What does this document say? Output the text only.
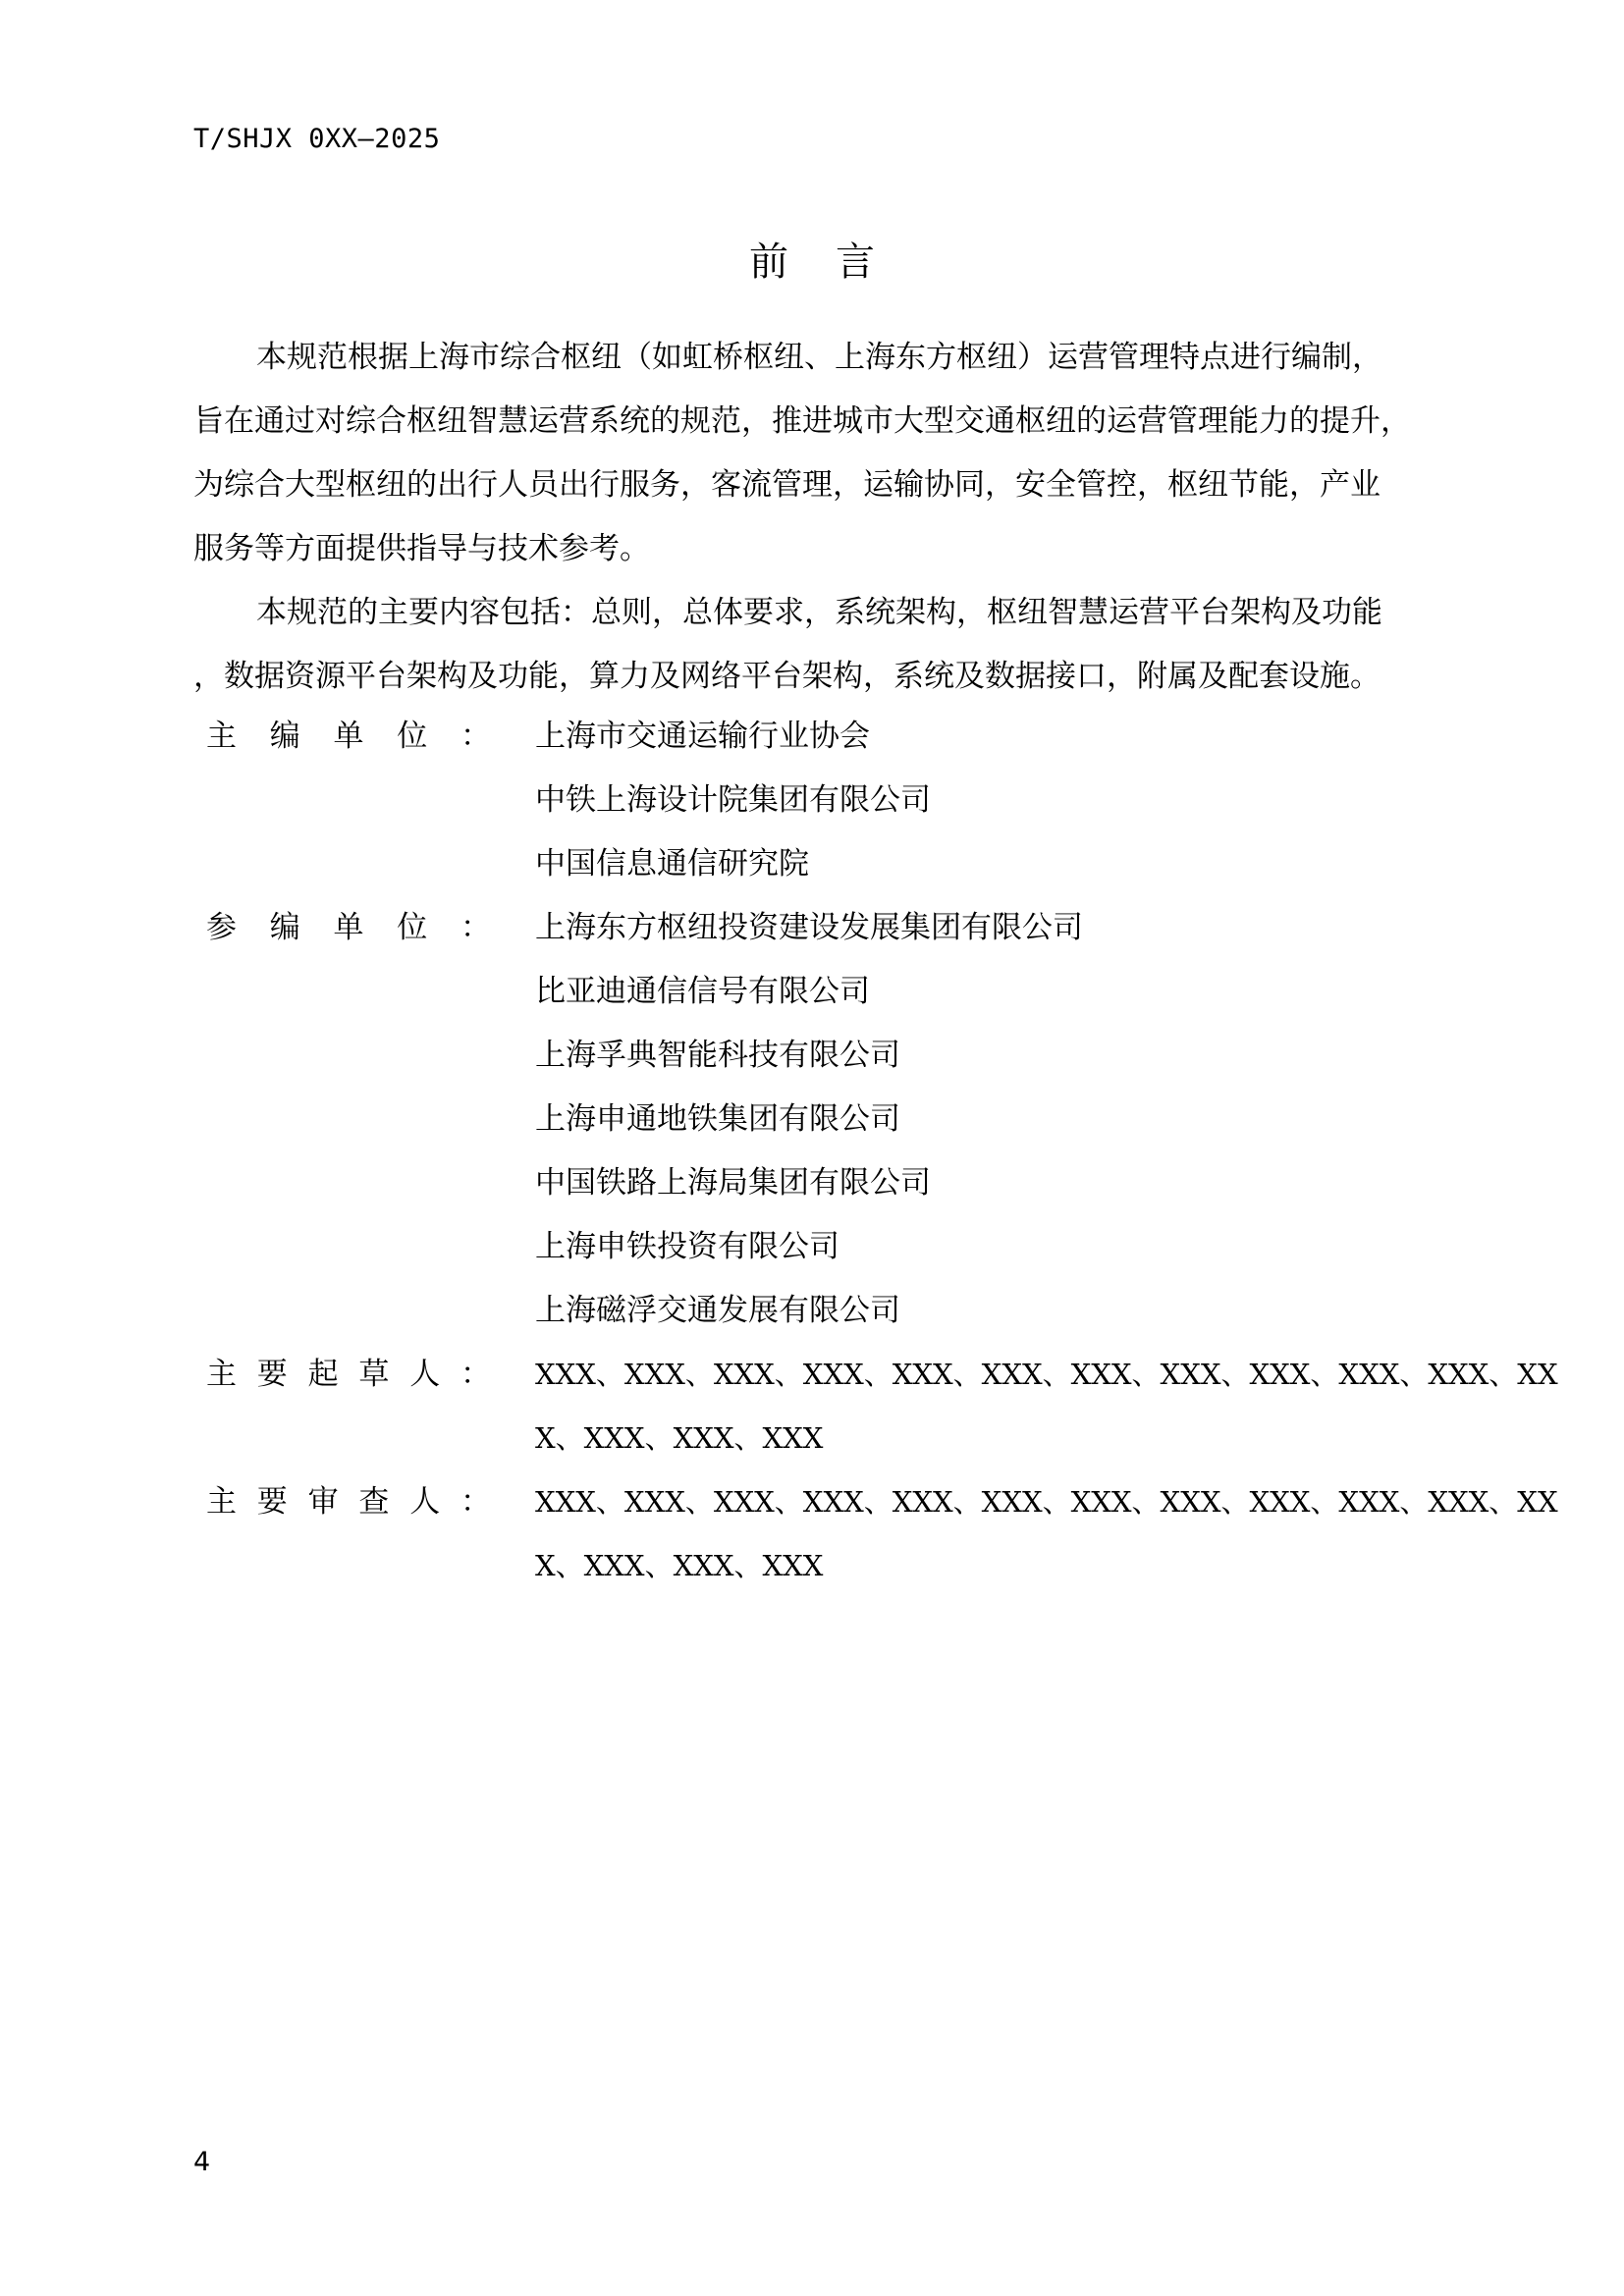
T/SHJX 0XX—2025
前言
本规范根据上海市综合枢纽（如虹桥枢纽、上海东方枢纽）运营管理特点进行编制，
旨在通过对综合枢纽智慧运营系统的规范，推进城市大型交通枢纽的运营管理能力的提升，
为综合大型枢纽的出行人员出行服务，客流管理，运输协同，安全管控，枢纽节能，产业
服务等方面提供指导与技术参考。
本规范的主要内容包括：总则，总体要求，系统架构，枢纽智慧运营平台架构及功能
，数据资源平台架构及功能，算力及网络平台架构，系统及数据接口，附属及配套设施。
主 编 单 位 ： 上海市交通运输行业协会
中铁上海设计院集团有限公司
中国信息通信研究院
参 编 单 位 ： 上海东方枢纽投资建设发展集团有限公司
比亚迪通信信号有限公司
上海孚典智能科技有限公司
上海申通地铁集团有限公司
中国铁路上海局集团有限公司
上海申铁投资有限公司
上海磁浮交通发展有限公司
主 要 起 草 人 ： XXX、XXX、XXX、XXX、XXX、XXX、XXX、XXX、XXX、XXX、XXX、XX
X、XXX、XXX、XXX
主 要 审 查 人 ： XXX、XXX、XXX、XXX、XXX、XXX、XXX、XXX、XXX、XXX、XXX、XX
X、XXX、XXX、XXX
4
